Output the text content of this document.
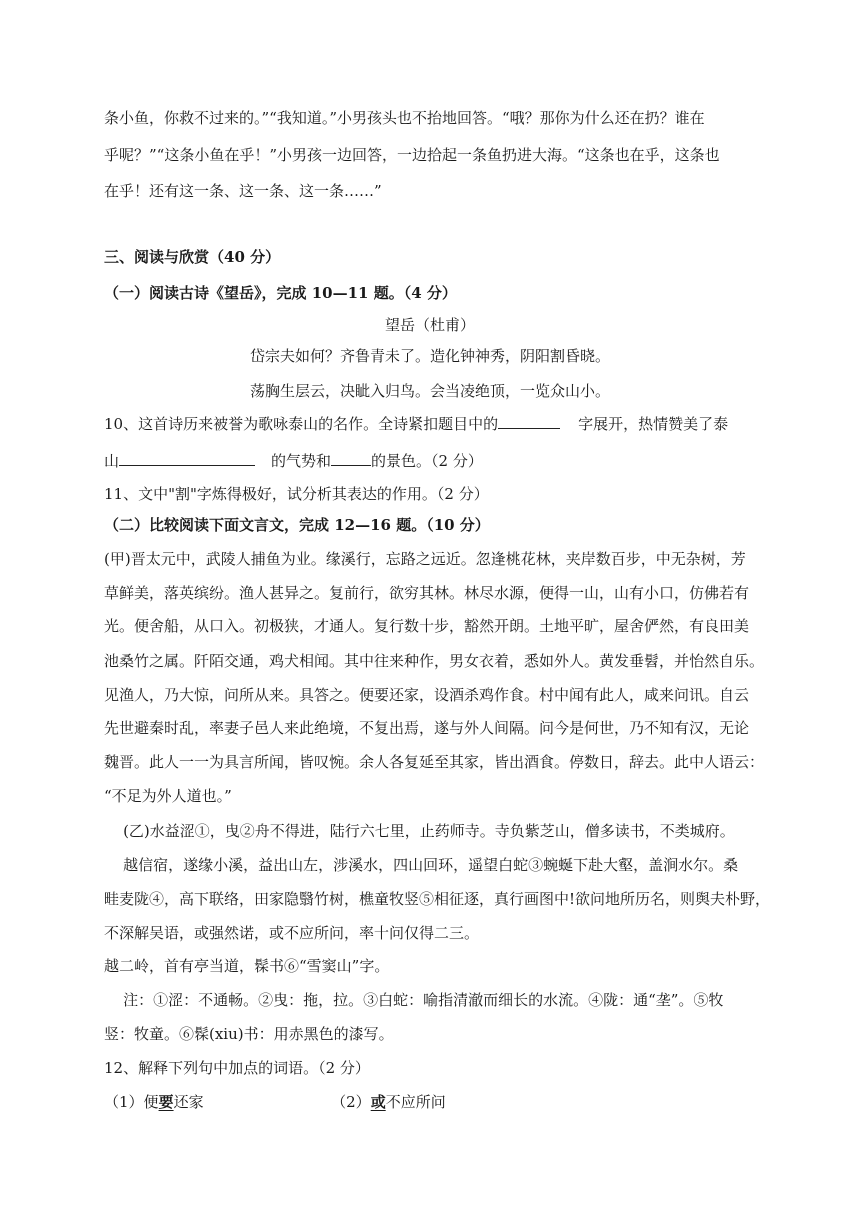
条小鱼，你救不过来的。”“我知道。”小男孩头也不抬地回答。“哦？那你为什么还在扔？谁在
乎呢？”“这条小鱼在乎！”小男孩一边回答，一边拾起一条鱼扔进大海。“这条也在乎，这条也
在乎！还有这一条、这一条、这一条……”
三、阅读与欣赏（40 分）
（一）阅读古诗《望岳》，完成 10—11 题。（4 分）
望岳（杜甫）
岱宗夫如何？齐鲁青未了。造化钟神秀，阴阳割昏晓。
荡胸生层云，决眦入归鸟。会当凌绝顶，一览众山小。
10、这首诗历来被誉为歌咏泰山的名作。全诗紧扣题目中的	字展开，热情赞美了泰
山	的气势和	的景色。（2 分）
11、文中"割"字炼得极好，试分析其表达的作用。（2 分）
（二）比较阅读下面文言文，完成 12—16 题。（10 分）
(甲)晋太元中，武陵人捕鱼为业。缘溪行，忘路之远近。忽逢桃花林，夹岸数百步，中无杂树，芳
草鲜美，落英缤纷。渔人甚异之。复前行，欲穷其林。林尽水源，便得一山，山有小口，仿佛若有
光。便舍船，从口入。初极狭，才通人。复行数十步，豁然开朗。土地平旷，屋舍俨然，有良田美
池桑竹之属。阡陌交通，鸡犬相闻。其中往来种作，男女衣着，悉如外人。黄发垂髫，并怡然自乐。
见渔人，乃大惊，问所从来。具答之。便要还家，设酒杀鸡作食。村中闻有此人，咸来问讯。自云
先世避秦时乱，率妻子邑人来此绝境，不复出焉，遂与外人间隔。问今是何世，乃不知有汉，无论
魏晋。此人一一为具言所闻，皆叹惋。余人各复延至其家，皆出酒食。停数日，辞去。此中人语云：
“不足为外人道也。”
(乙)水益涩①，曳②舟不得进，陆行六七里，止药师寺。寺负紫芝山，僧多读书，不类城府。
越信宿，遂缘小溪，益出山左，涉溪水，四山回环，遥望白蛇③蜿蜒下赴大壑，盖涧水尔。桑
畦麦陇④，高下联络，田家隐翳竹树，樵童牧竖⑤相征逐，真行画图中!欲问地所历名，则舆夫朴野，
不深解吴语，或强然诺，或不应所问，率十问仅得二三。
越二岭，首有亭当道，髹书⑥“雪窦山”字。
注：①涩：不通畅。②曳：拖，拉。③白蛇：喻指清澈而细长的水流。④陇：通“垄”。⑤牧
竖：牧童。⑥髹(xiu)书：用赤黑色的漆写。
12、解释下列句中加点的词语。（2 分）
（1）便要还家	（2）或不应所问
